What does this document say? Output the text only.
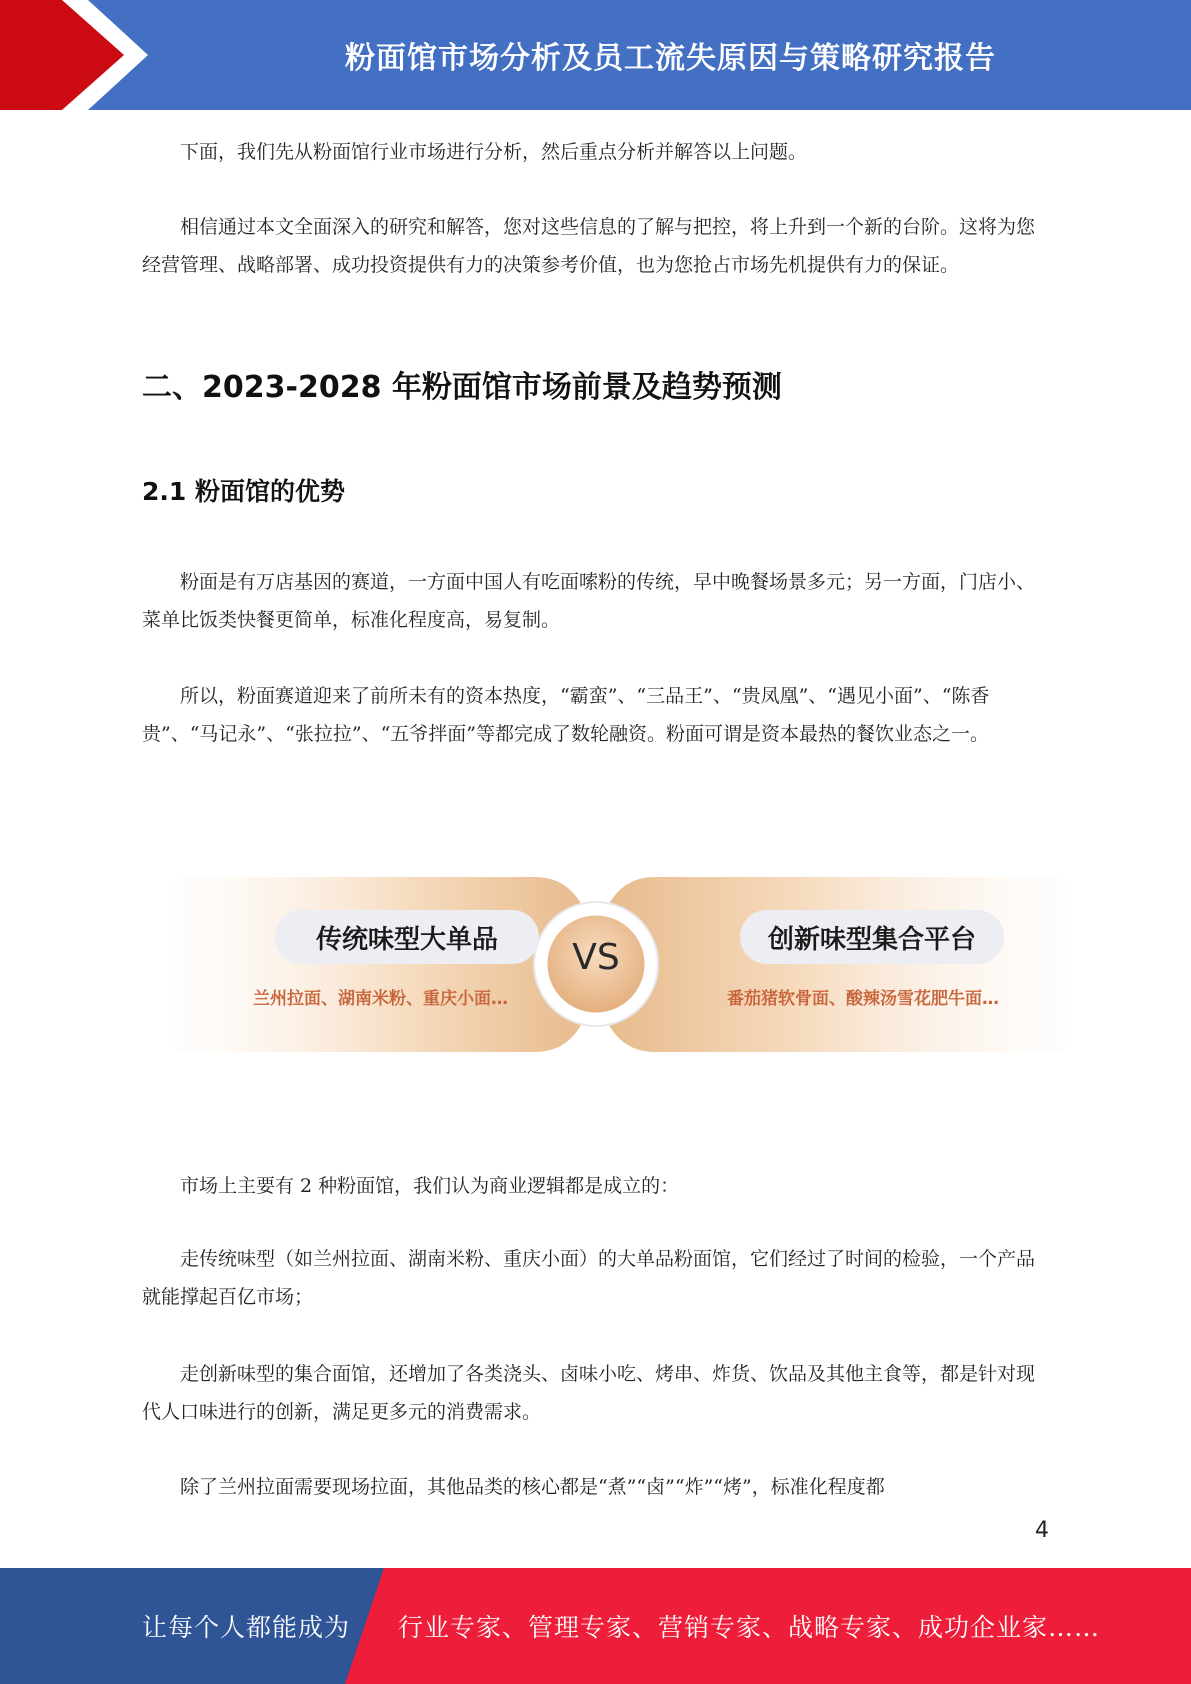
粉面馆市场分析及员工流失原因与策略研究报告

下面，我们先从粉面馆行业市场进行分析，然后重点分析并解答以上问题。

相信通过本文全面深入的研究和解答，您对这些信息的了解与把控，将上升到一个新的台阶。这将为您经营管理、战略部署、成功投资提供有力的决策参考价值，也为您抢占市场先机提供有力的保证。

二、2023-2028 年粉面馆市场前景及趋势预测
2.1 粉面馆的优势

粉面是有万店基因的赛道，一方面中国人有吃面嗦粉的传统，早中晚餐场景多元；另一方面，门店小、菜单比饭类快餐更简单，标准化程度高，易复制。

所以，粉面赛道迎来了前所未有的资本热度，“霸蛮”、“三品王”、“贵凤凰”、“遇见小面”、“陈香贵”、“马记永”、“张拉拉”、“五爷拌面”等都完成了数轮融资。粉面可谓是资本最热的餐饮业态之一。

传统味型大单品
兰州拉面、湖南米粉、重庆小面…
VS	创新味型集合平台
番茄猪软骨面、酸辣汤雪花肥牛面…

市场上主要有 2 种粉面馆，我们认为商业逻辑都是成立的：

走传统味型（如兰州拉面、湖南米粉、重庆小面）的大单品粉面馆，它们经过了时间的检验，一个产品就能撑起百亿市场；

走创新味型的集合面馆，还增加了各类浇头、卤味小吃、烤串、炸货、饮品及其他主食等，都是针对现代人口味进行的创新，满足更多元的消费需求。

除了兰州拉面需要现场拉面，其他品类的核心都是“煮”“卤”“炸”“烤”，标准化程度都

4
让每个人都能成为 行业专家、管理专家、营销专家、战略专家、成功企业家……
